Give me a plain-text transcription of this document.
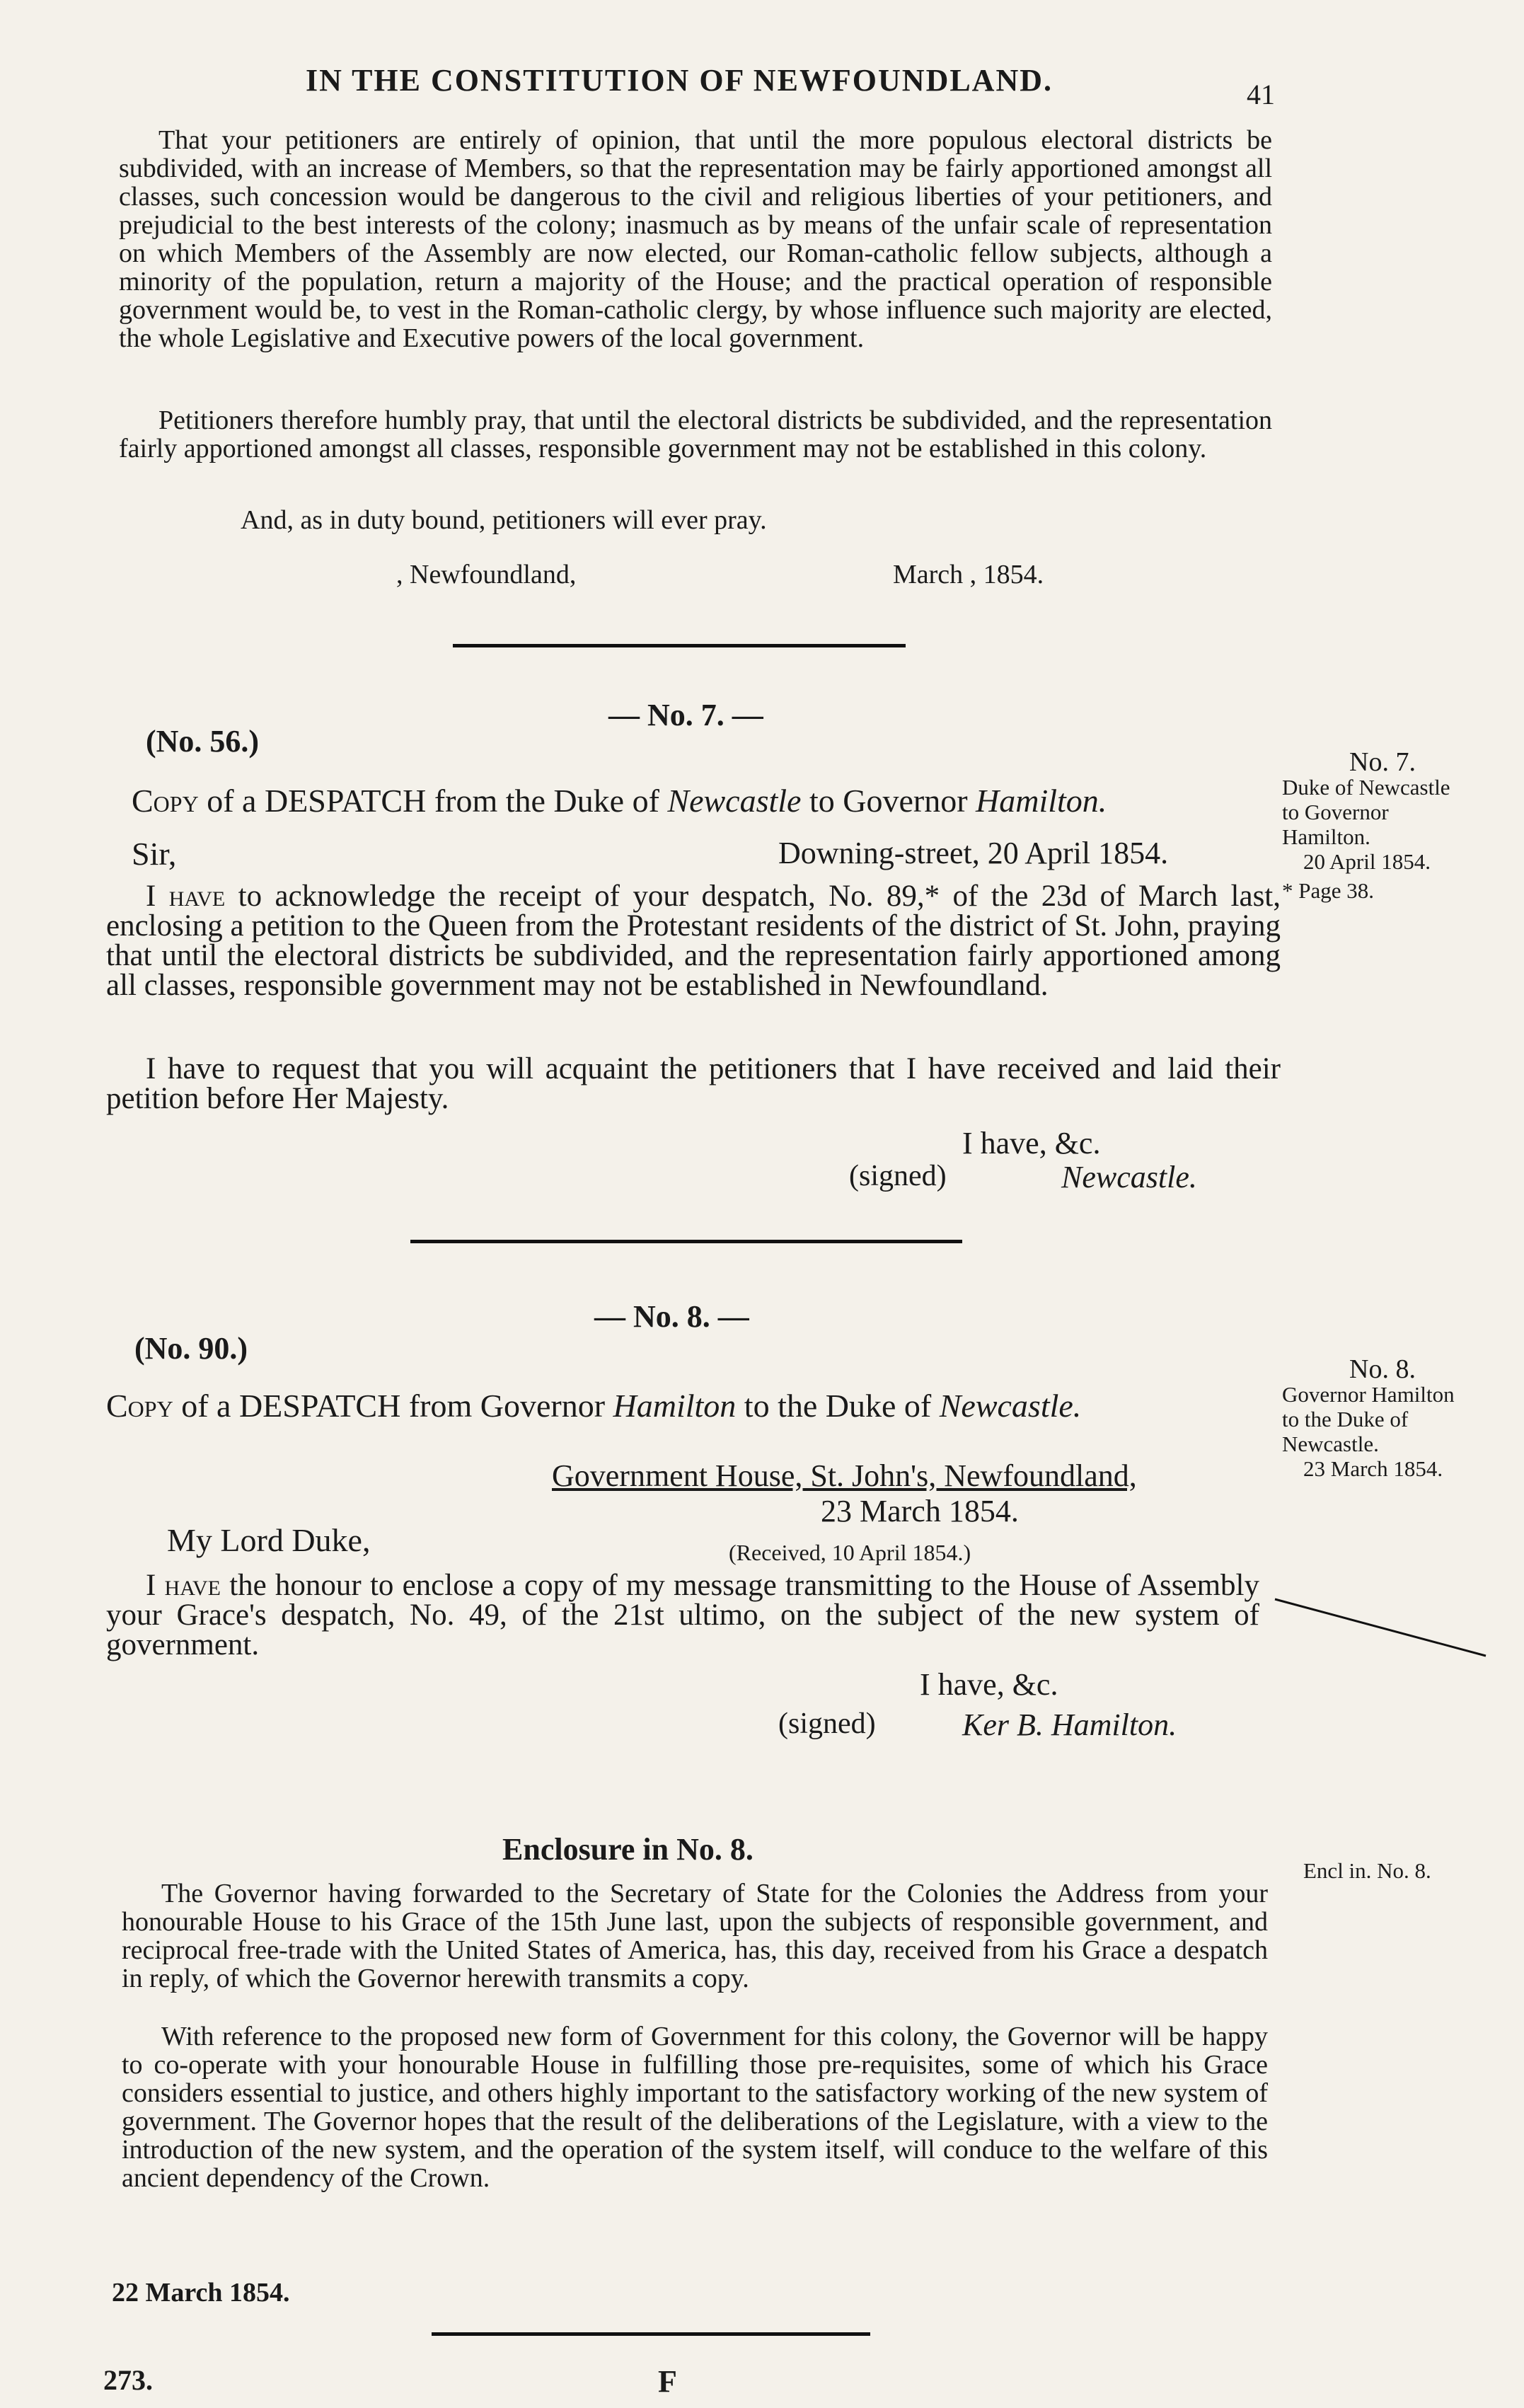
IN THE CONSTITUTION OF NEWFOUNDLAND.	41
That your petitioners are entirely of opinion, that until the more populous electoral districts be subdivided, with an increase of Members, so that the representation may be fairly apportioned amongst all classes, such concession would be dangerous to the civil and religious liberties of your petitioners, and prejudicial to the best interests of the colony; inasmuch as by means of the unfair scale of representation on which Members of the Assembly are now elected, our Roman-catholic fellow subjects, although a minority of the population, return a majority of the House; and the practical operation of responsible government would be, to vest in the Roman-catholic clergy, by whose influence such majority are elected, the whole Legislative and Executive powers of the local government.
Petitioners therefore humbly pray, that until the electoral districts be subdivided, and the representation fairly apportioned amongst all classes, responsible government may not be established in this colony.
And, as in duty bound, petitioners will ever pray.
, Newfoundland,	March , 1854.
— No. 7. —
(No. 56.)
Copy of a DESPATCH from the Duke of Newcastle to Governor Hamilton.
Sir,	Downing-street, 20 April 1854.
I have to acknowledge the receipt of your despatch, No. 89,* of the 23d of March last, enclosing a petition to the Queen from the Protestant residents of the district of St. John, praying that until the electoral districts be subdivided, and the representation fairly apportioned among all classes, responsible government may not be established in Newfoundland.
I have to request that you will acquaint the petitioners that I have received and laid their petition before Her Majesty.
I have, &c.
(signed)	Newcastle.
— No. 8. —
(No. 90.)
Copy of a DESPATCH from Governor Hamilton to the Duke of Newcastle.
Government House, St. John's, Newfoundland,
23 March 1854.
My Lord Duke,	(Received, 10 April 1854.)
I have the honour to enclose a copy of my message transmitting to the House of Assembly your Grace's despatch, No. 49, of the 21st ultimo, on the subject of the new system of government.
I have, &c.
(signed)	Ker B. Hamilton.
Enclosure in No. 8.
The Governor having forwarded to the Secretary of State for the Colonies the Address from your honourable House to his Grace of the 15th June last, upon the subjects of responsible government, and reciprocal free-trade with the United States of America, has, this day, received from his Grace a despatch in reply, of which the Governor herewith transmits a copy.
With reference to the proposed new form of Government for this colony, the Governor will be happy to co-operate with your honourable House in fulfilling those pre-requisites, some of which his Grace considers essential to justice, and others highly important to the satisfactory working of the new system of government. The Governor hopes that the result of the deliberations of the Legislature, with a view to the introduction of the new system, and the operation of the system itself, will conduce to the welfare of this ancient dependency of the Crown.
22 March 1854.
No. 7.
Duke of Newcastle
to Governor
Hamilton.
20 April 1854.
* Page 38.
No. 8.
Governor Hamilton
to the Duke of
Newcastle.
23 March 1854.
Encl in. No. 8.
273.	F
